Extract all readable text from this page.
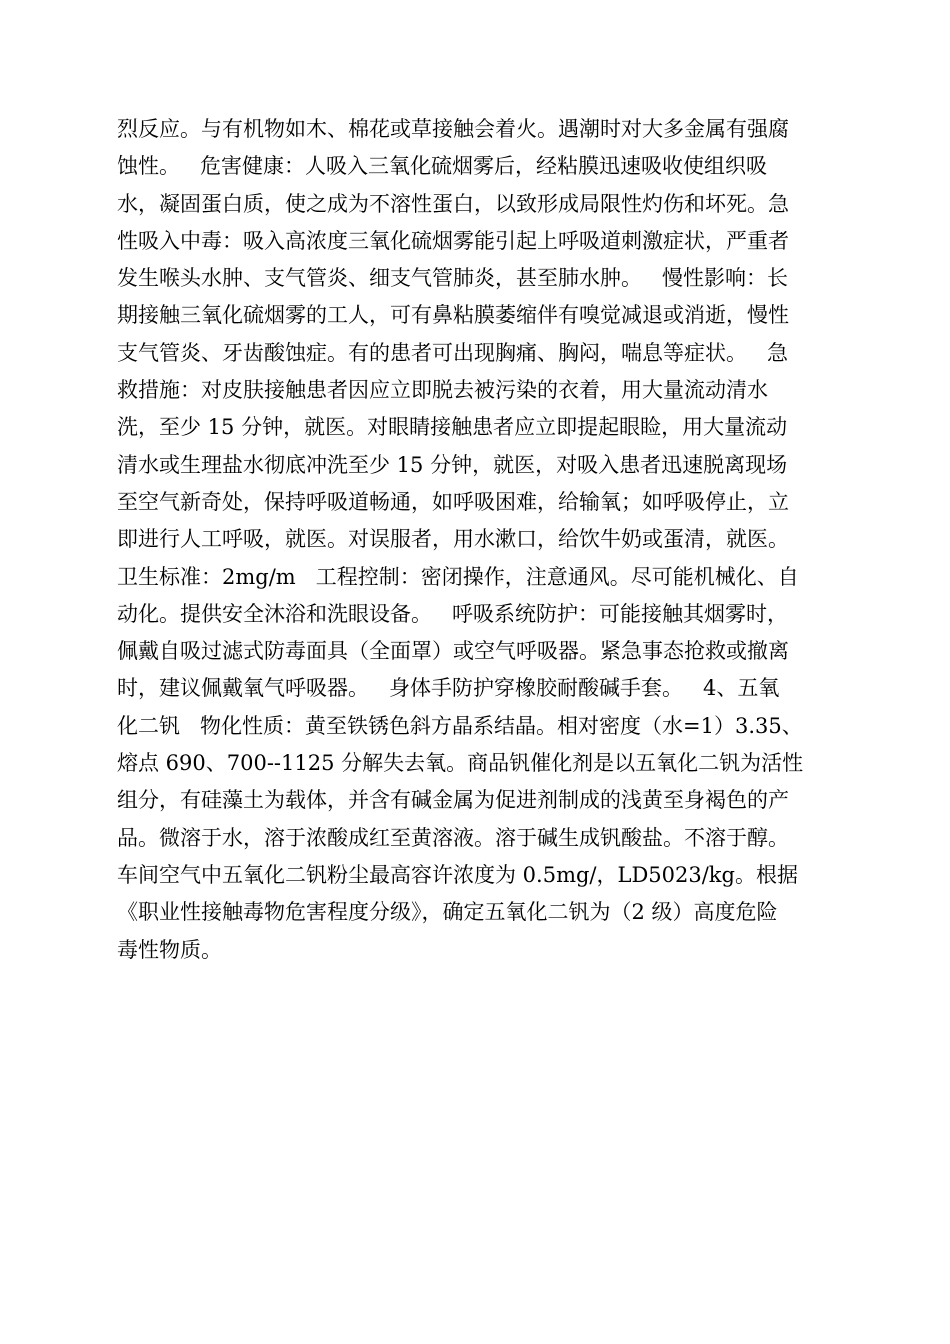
烈反应。与有机物如木、棉花或草接触会着火。遇潮时对大多金属有强腐
蚀性。   危害健康：人吸入三氧化硫烟雾后，经粘膜迅速吸收使组织吸
水，凝固蛋白质，使之成为不溶性蛋白，以致形成局限性灼伤和坏死。急
性吸入中毒：吸入高浓度三氧化硫烟雾能引起上呼吸道刺激症状，严重者
发生喉头水肿、支气管炎、细支气管肺炎，甚至肺水肿。   慢性影响：长
期接触三氧化硫烟雾的工人，可有鼻粘膜萎缩伴有嗅觉减退或消逝，慢性
支气管炎、牙齿酸蚀症。有的患者可出现胸痛、胸闷，喘息等症状。   急
救措施：对皮肤接触患者因应立即脱去被污染的衣着，用大量流动清水
洗，至少 15 分钟，就医。对眼睛接触患者应立即提起眼睑，用大量流动
清水或生理盐水彻底冲洗至少 15 分钟，就医，对吸入患者迅速脱离现场
至空气新奇处，保持呼吸道畅通，如呼吸困难，给输氧；如呼吸停止，立
即进行人工呼吸，就医。对误服者，用水漱口，给饮牛奶或蛋清，就医。
卫生标准：2mg/m   工程控制：密闭操作，注意通风。尽可能机械化、自
动化。提供安全沐浴和洗眼设备。   呼吸系统防护：可能接触其烟雾时，
佩戴自吸过滤式防毒面具（全面罩）或空气呼吸器。紧急事态抢救或撤离
时，建议佩戴氧气呼吸器。   身体手防护穿橡胶耐酸碱手套。   4、五氧
化二钒   物化性质：黄至铁锈色斜方晶系结晶。相对密度（水=1）3.35、
熔点 690、700--1125 分解失去氧。商品钒催化剂是以五氧化二钒为活性
组分，有硅藻土为载体，并含有碱金属为促进剂制成的浅黄至身褐色的产
品。微溶于水，溶于浓酸成红至黄溶液。溶于碱生成钒酸盐。不溶于醇。
车间空气中五氧化二钒粉尘最高容许浓度为 0.5mg/，LD5023/kg。根据
《职业性接触毒物危害程度分级》，确定五氧化二钒为（2 级）高度危险
毒性物质。
